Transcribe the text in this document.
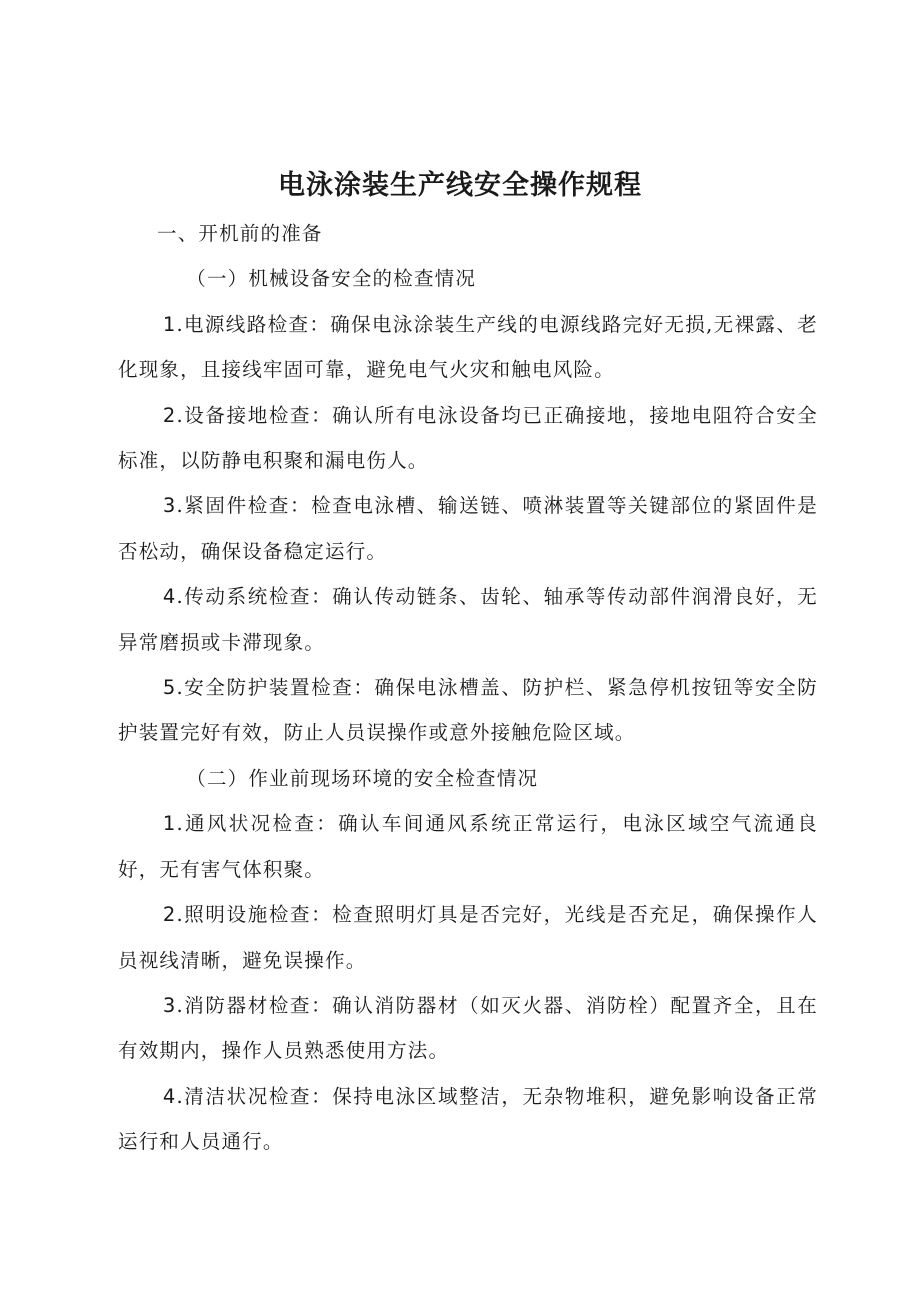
电泳涂装生产线安全操作规程

一、开机前的准备

（一）机械设备安全的检查情况

1.电源线路检查：确保电泳涂装生产线的电源线路完好无损,无裸露、老化现象，且接线牢固可靠，避免电气火灾和触电风险。

2.设备接地检查：确认所有电泳设备均已正确接地，接地电阻符合安全标准，以防静电积聚和漏电伤人。

3.紧固件检查：检查电泳槽、输送链、喷淋装置等关键部位的紧固件是否松动，确保设备稳定运行。

4.传动系统检查：确认传动链条、齿轮、轴承等传动部件润滑良好，无异常磨损或卡滞现象。

5.安全防护装置检查：确保电泳槽盖、防护栏、紧急停机按钮等安全防护装置完好有效，防止人员误操作或意外接触危险区域。

（二）作业前现场环境的安全检查情况

1.通风状况检查：确认车间通风系统正常运行，电泳区域空气流通良好，无有害气体积聚。

2.照明设施检查：检查照明灯具是否完好，光线是否充足，确保操作人员视线清晰，避免误操作。

3.消防器材检查：确认消防器材（如灭火器、消防栓）配置齐全，且在有效期内，操作人员熟悉使用方法。

4.清洁状况检查：保持电泳区域整洁，无杂物堆积，避免影响设备正常运行和人员通行。
